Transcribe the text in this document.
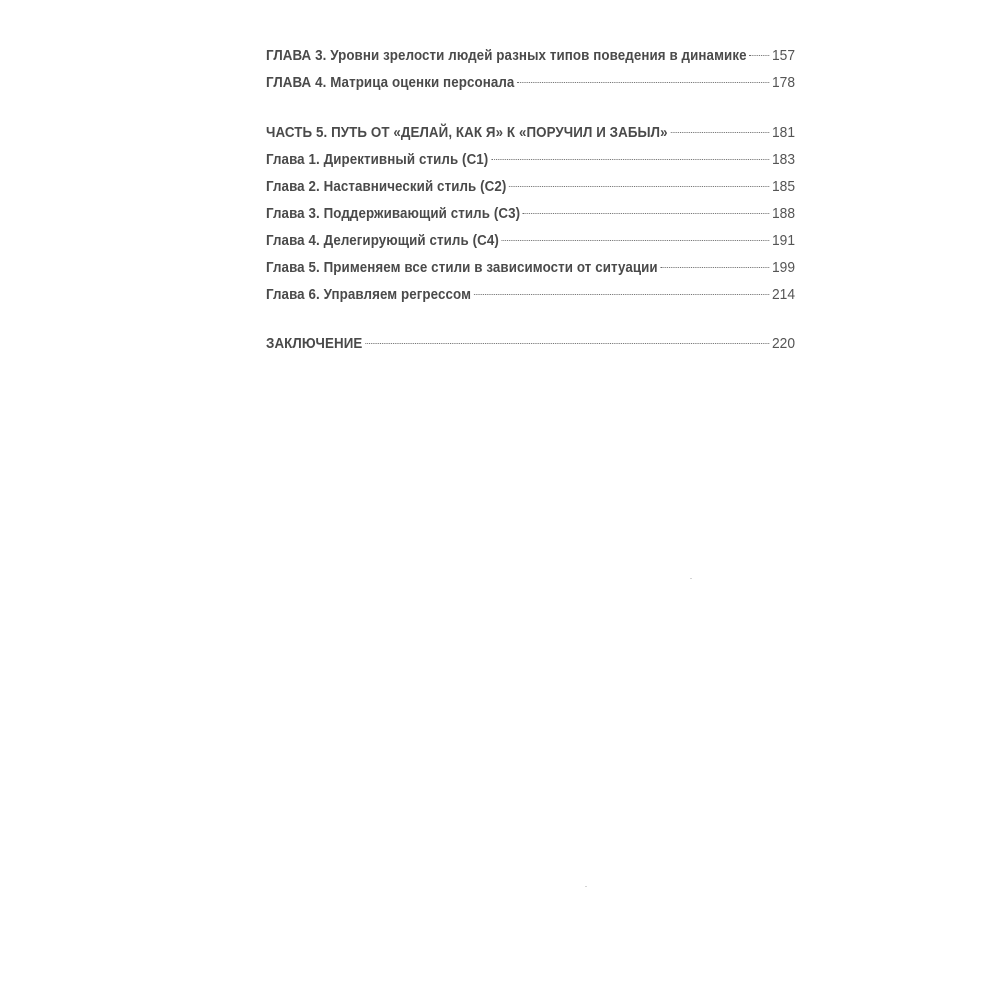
ГЛАВА 3. Уровни зрелости людей разных типов поведения в динамике 157
ГЛАВА 4. Матрица оценки персонала	178
ЧАСТЬ 5. ПУТЬ ОТ «ДЕЛАЙ, КАК Я» К «ПОРУЧИЛ И ЗАБЫЛ»	181
Глава 1. Директивный стиль (С1)	183
Глава 2. Наставнический стиль (С2)	185
Глава 3. Поддерживающий стиль (С3)	188
Глава 4. Делегирующий стиль (С4)	191
Глава 5. Применяем все стили в зависимости от ситуации	199
Глава 6. Управляем регрессом	214
ЗАКЛЮЧЕНИЕ	220
